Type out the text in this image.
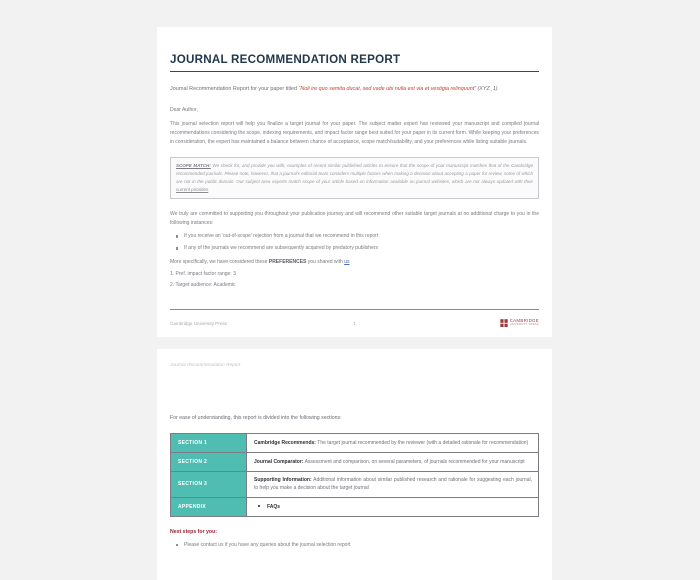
JOURNAL RECOMMENDATION REPORT
Journal Recommendation Report for your paper titled “Noli ire quo semita ducat, sed vade ubi nulla est via et vestigia relinquunt” (XYZ_1)
Dear Author,
This journal selection report will help you finalize a target journal for your paper. The subject matter expert has reviewed your manuscript and compiled journal recommendations considering the scope, indexing requirements, and impact factor range best suited for your paper in its current form. While keeping your preferences in consideration, the expert has maintained a balance between chance of acceptance, scope match/suitability, and your preferences while listing suitable journals.
SCOPE MATCH: We check for, and provide you with, examples of recent similar published articles to ensure that the scope of your manuscript matches that of the Cambridge recommended journals. Please note, however, that a journal's editorial team considers multiple factors when making a decision about accepting a paper for review, some of which are not in the public domain. Our subject area experts match scope of your article based on information available on journal websites, which are not always updated with their current priorities.
We truly are committed to supporting you throughout your publication journey and will recommend other suitable target journals at no additional charge to you in the following instances:
If you receive an 'out-of-scope' rejection from a journal that we recommend in this report
If any of the journals we recommend are subsequently acquired by predatory publishers
More specifically, we have considered these PREFERENCES you shared with us
1. Pref. impact factor range: 3
2. Target audience: Academic
Cambridge University Press	1	CAMBRIDGE
UNIVERSITY PRESS
Journal Recommendation Report
For ease of understanding, this report is divided into the following sections:
SECTION 1	Cambridge Recommends: The target journal recommended by the reviewer (with a detailed rationale for recommendation)
SECTION 2	Journal Comparator: Assessment and comparison, on several parameters, of journals recommended for your manuscript
SECTION 3	Supporting Information: Additional information about similar published research and rationale for suggesting each journal, to help you make a decision about the target journal
APPENDIX	FAQs
Next steps for you:
Please contact us if you have any queries about the journal selection report
